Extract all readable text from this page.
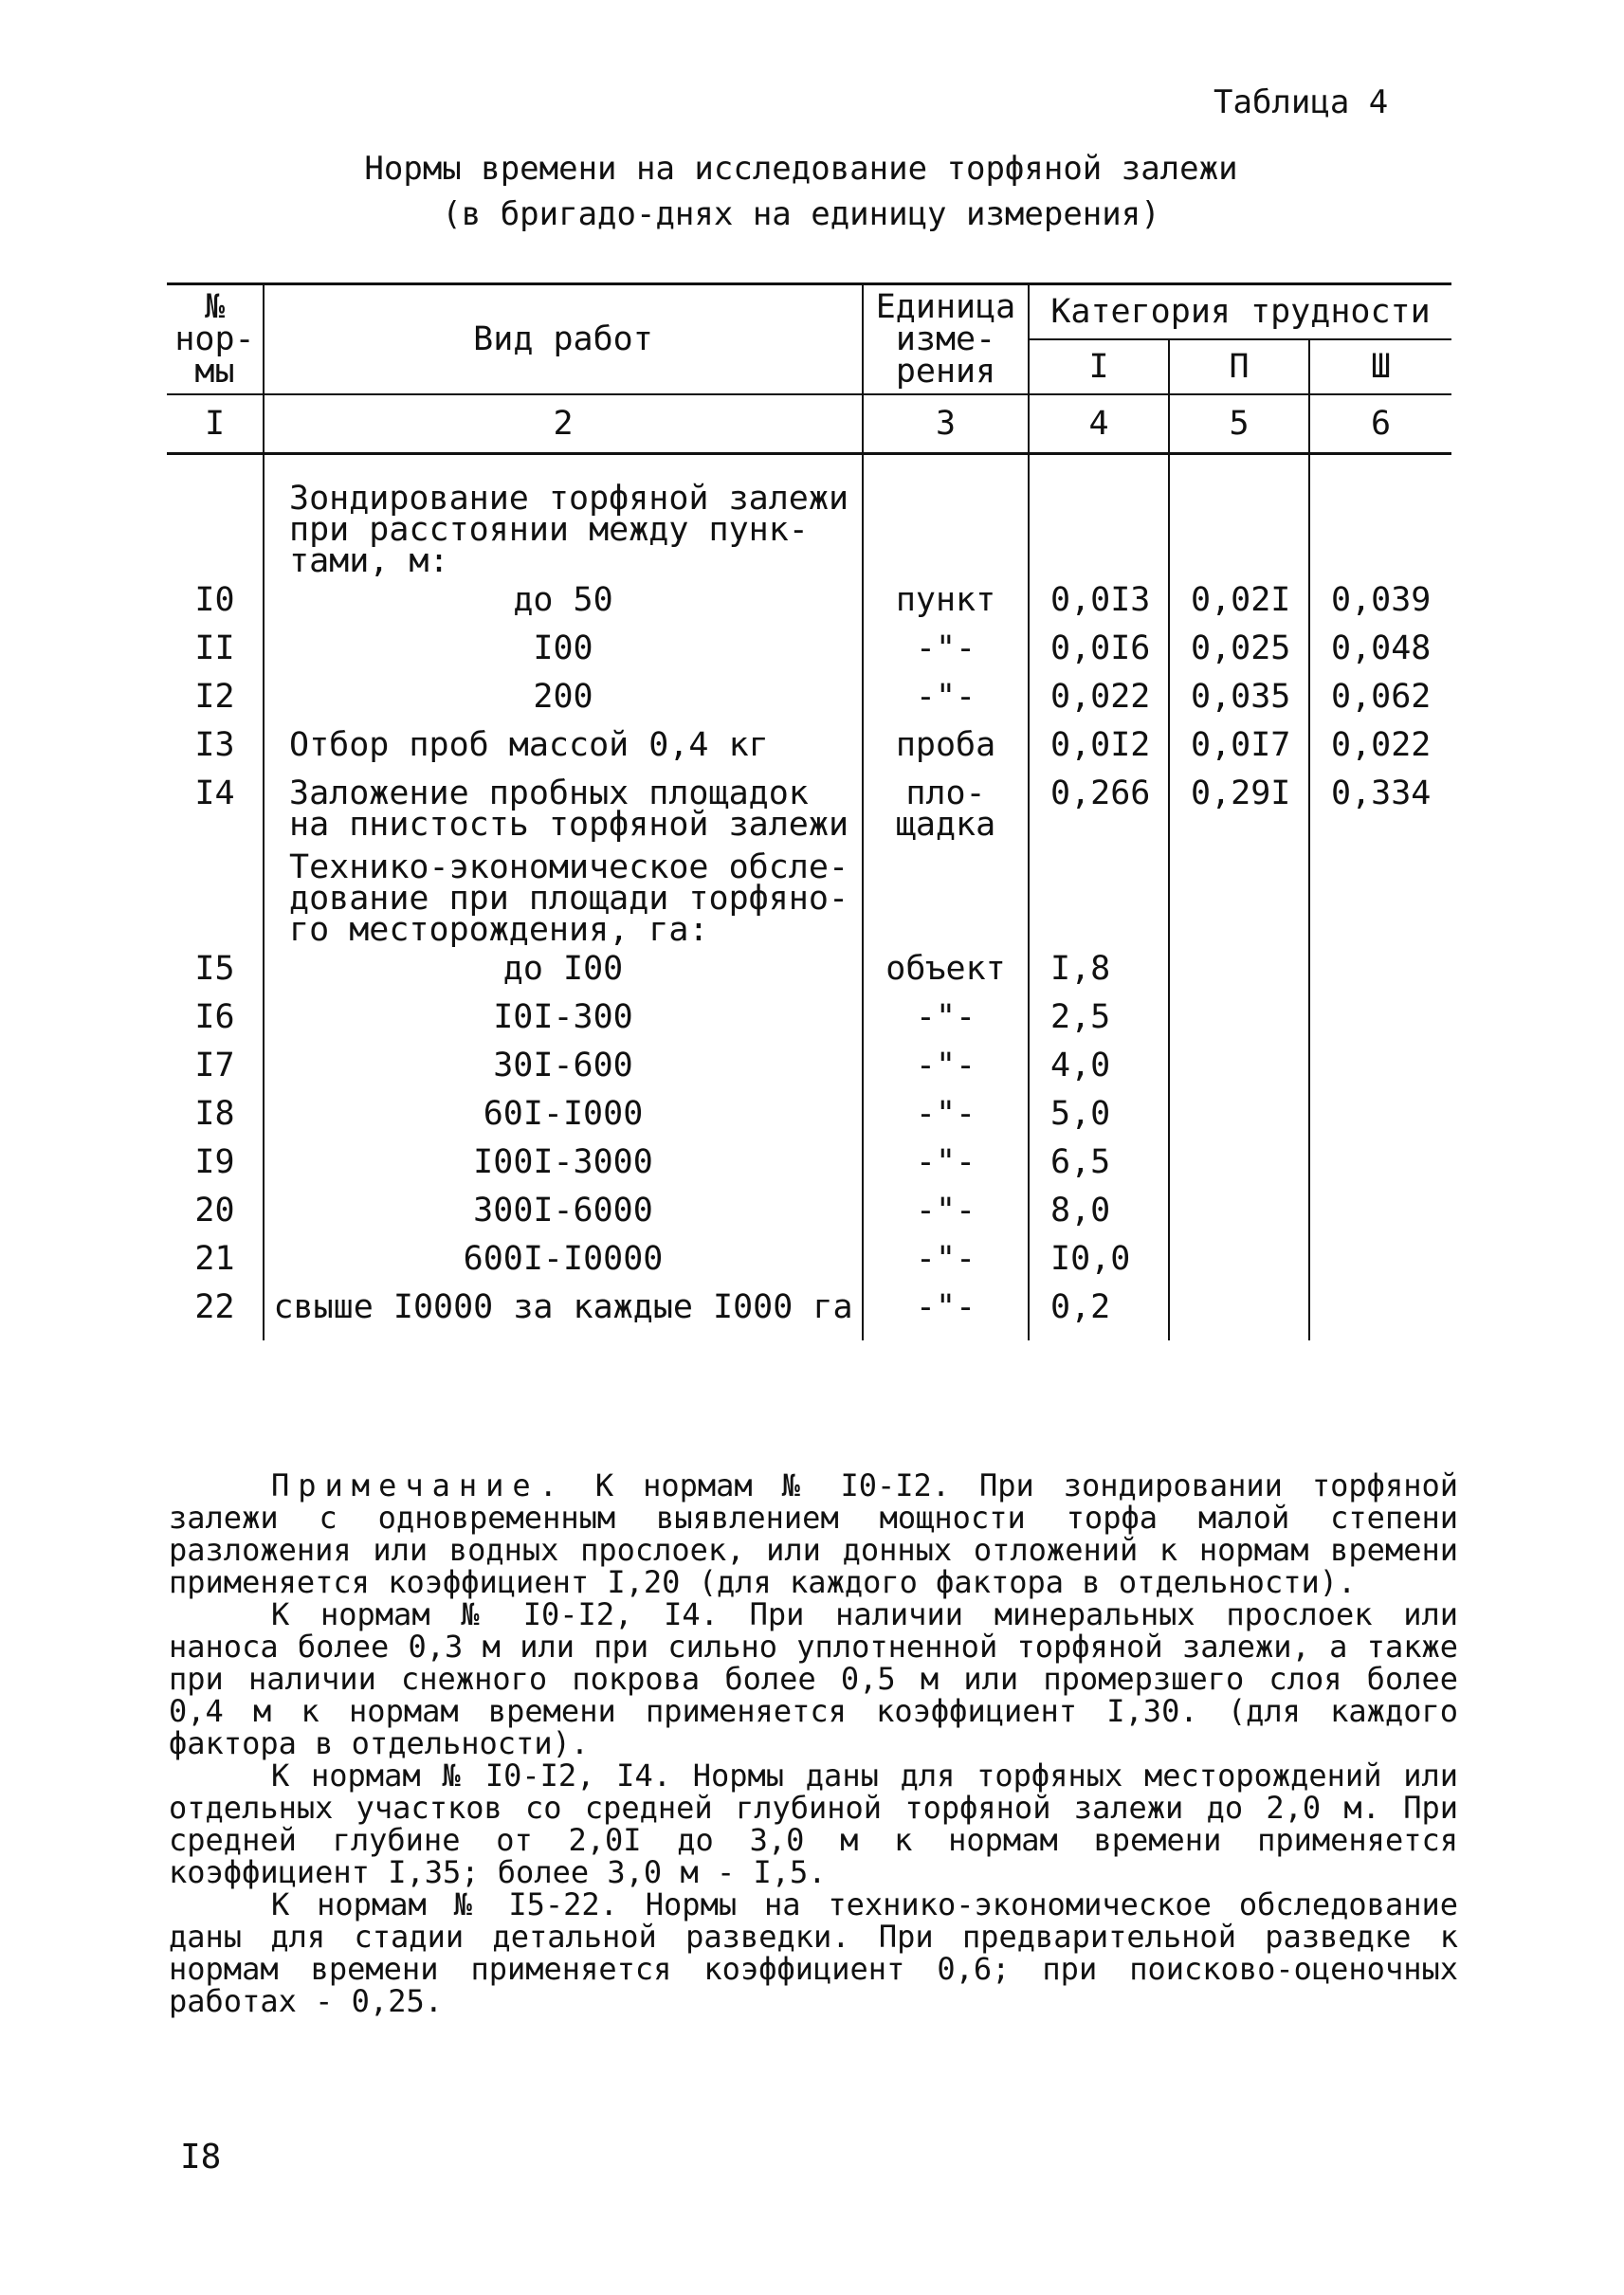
Таблица 4
Нормы времени на исследование торфяной залежи
(в бригадо-днях на единицу измерения)
№ нор- мы	Вид работ	Единица изме- рения	Категория трудности		
			I	П	Ш
I	2	3	4	5	6

	Зондирование торфяной залежи при расстоянии между пунк- тами, м:				
I0	до 50	пункт	0,0I3	0,02I	0,039
II	I00	-"-	0,0I6	0,025	0,048
I2	200	-"-	0,022	0,035	0,062
I3	Отбор проб массой 0,4 кг	проба	0,0I2	0,0I7	0,022
I4	Заложение пробных площадок на пнистость торфяной залежи	пло- щадка	0,266	0,29I	0,334
	Технико-экономическое обсле- дование при площади торфяно- го месторождения, га:				
I5	до I00	объект	I,8		
I6	I0I-300	-"-	2,5		
I7	30I-600	-"-	4,0		
I8	60I-I000	-"-	5,0		
I9	I00I-3000	-"-	6,5		
20	300I-6000	-"-	8,0		
21	600I-I0000	-"-	I0,0		
22	свыше I0000 за каждые I000 га	-"-	0,2		

Примечание. К нормам № I0-I2. При зондировании торфяной залежи с одновременным выявлением мощности торфа малой степени разложения или водных прослоек, или донных отложений к нормам времени применяется коэффициент I,20 (для каждого фактора в отдельности).

К нормам № I0-I2, I4. При наличии минеральных прослоек или наноса более 0,3 м или при сильно уплотненной торфяной залежи, а также при наличии снежного покрова более 0,5 м или промерзшего слоя более 0,4 м к нормам времени применяется коэффициент I,30. (для каждого фактора в отдельности).

К нормам № I0-I2, I4. Нормы даны для торфяных месторождений или отдельных участков со средней глубиной торфяной залежи до 2,0 м. При средней глубине от 2,0I до 3,0 м к нормам времени применяется коэффициент I,35; более 3,0 м - I,5.

К нормам № I5-22. Нормы на технико-экономическое обследование даны для стадии детальной разведки. При предварительной разведке к нормам времени применяется коэффициент 0,6; при поисково-оценочных работах - 0,25.

I8
